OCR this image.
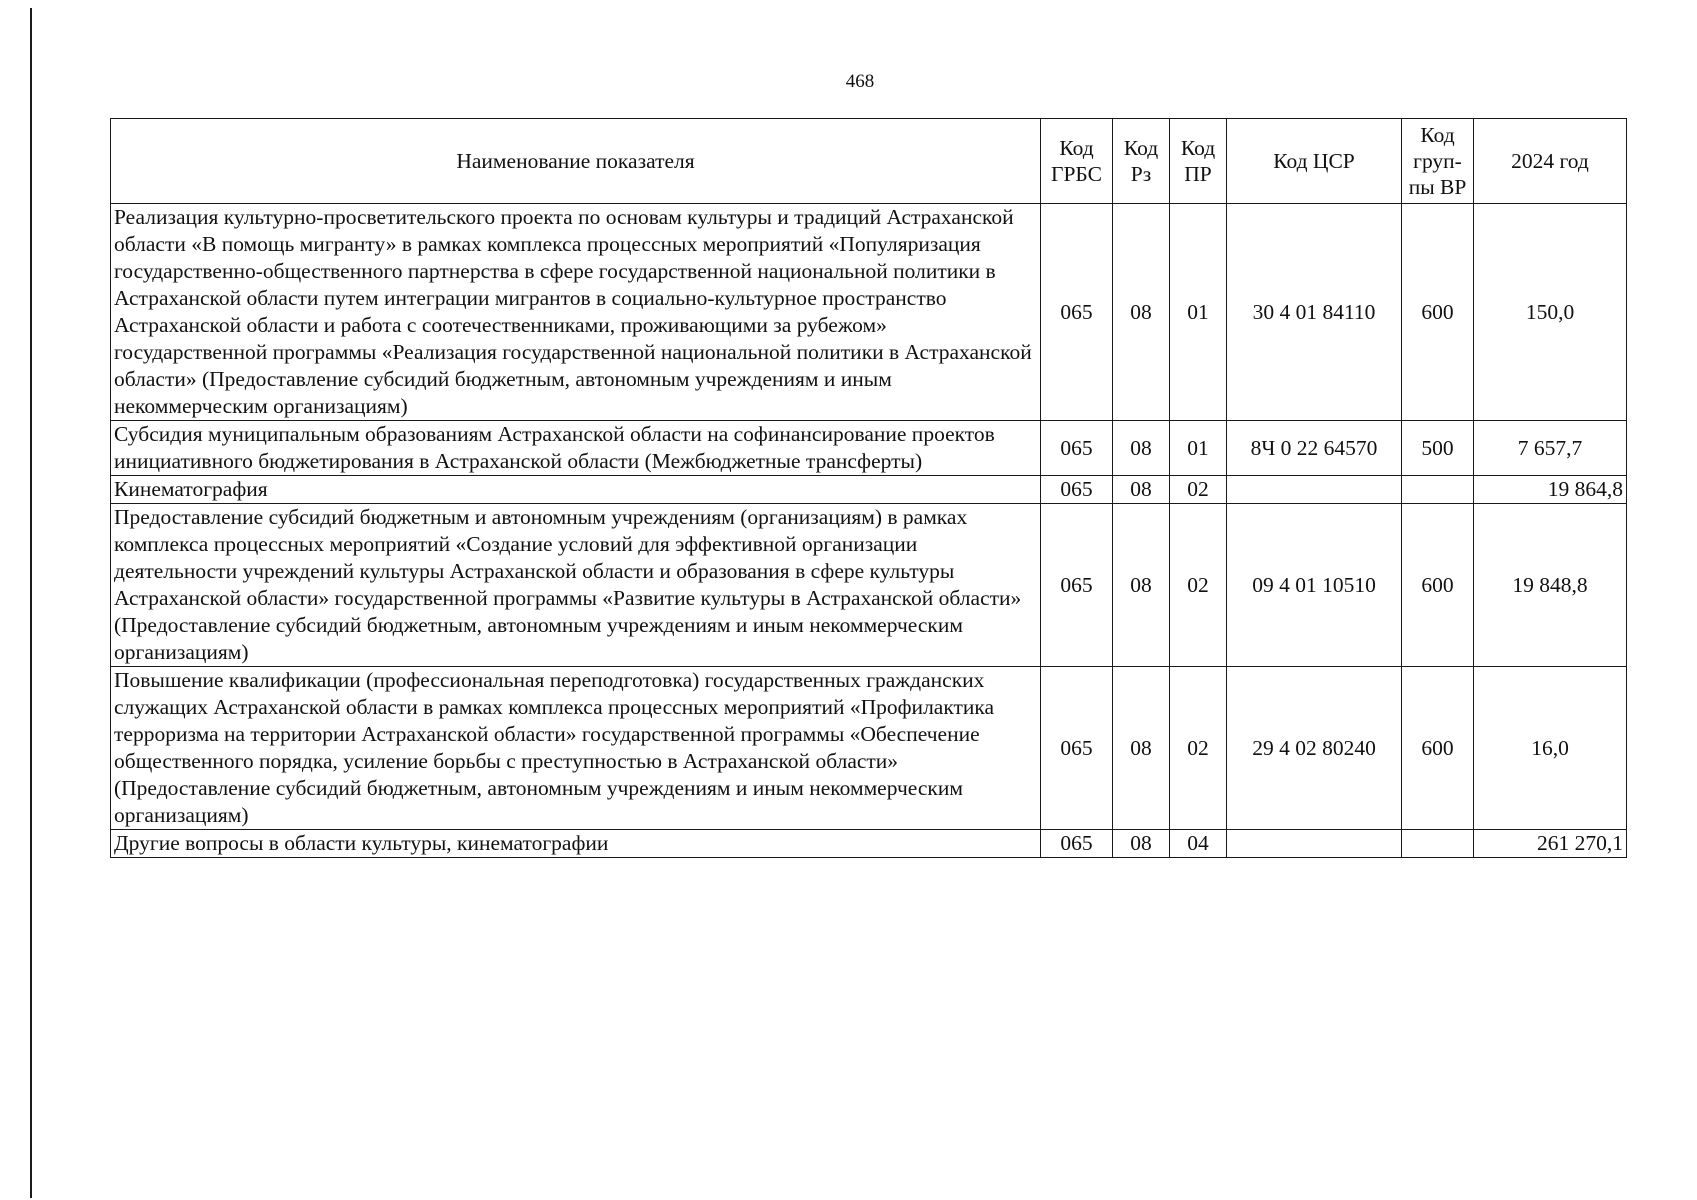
468
Наименование показателя	Код ГРБС	Код Рз	Код ПР	Код ЦСР	Код груп-пы ВР	2024 год
Реализация культурно-просветительского проекта по основам культуры и традиций Астраханской области «В помощь мигранту» в рамках комплекса процессных мероприятий «Популяризация государственно-общественного партнерства в сфере государственной национальной политики в Астраханской области путем интеграции мигрантов в социально-культурное пространство Астраханской области и работа с соотечественниками, проживающими за рубежом» государственной программы «Реализация государственной национальной политики в Астраханской области» (Предоставление субсидий бюджетным, автономным учреждениям и иным некоммерческим организациям)	065	08	01	30 4 01 84110	600	150,0
Субсидия муниципальным образованиям Астраханской области на софинансирование проектов инициативного бюджетирования в Астраханской области (Межбюджетные трансферты)	065	08	01	8Ч 0 22 64570	500	7 657,7
Кинематография	065	08	02			19 864,8
Предоставление субсидий бюджетным и автономным учреждениям (организациям) в рамках комплекса процессных мероприятий «Создание условий для эффективной организации деятельности учреждений культуры Астраханской области и образования в сфере культуры Астраханской области» государственной программы «Развитие культуры в Астраханской области» (Предоставление субсидий бюджетным, автономным учреждениям и иным некоммерческим организациям)	065	08	02	09 4 01 10510	600	19 848,8
Повышение квалификации (профессиональная переподготовка) государственных гражданских служащих Астраханской области в рамках комплекса процессных мероприятий «Профилактика терроризма на территории Астраханской области» государственной программы «Обеспечение общественного порядка, усиление борьбы с преступностью в Астраханской области» (Предоставление субсидий бюджетным, автономным учреждениям и иным некоммерческим организациям)	065	08	02	29 4 02 80240	600	16,0
Другие вопросы в области культуры, кинематографии	065	08	04			261 270,1
